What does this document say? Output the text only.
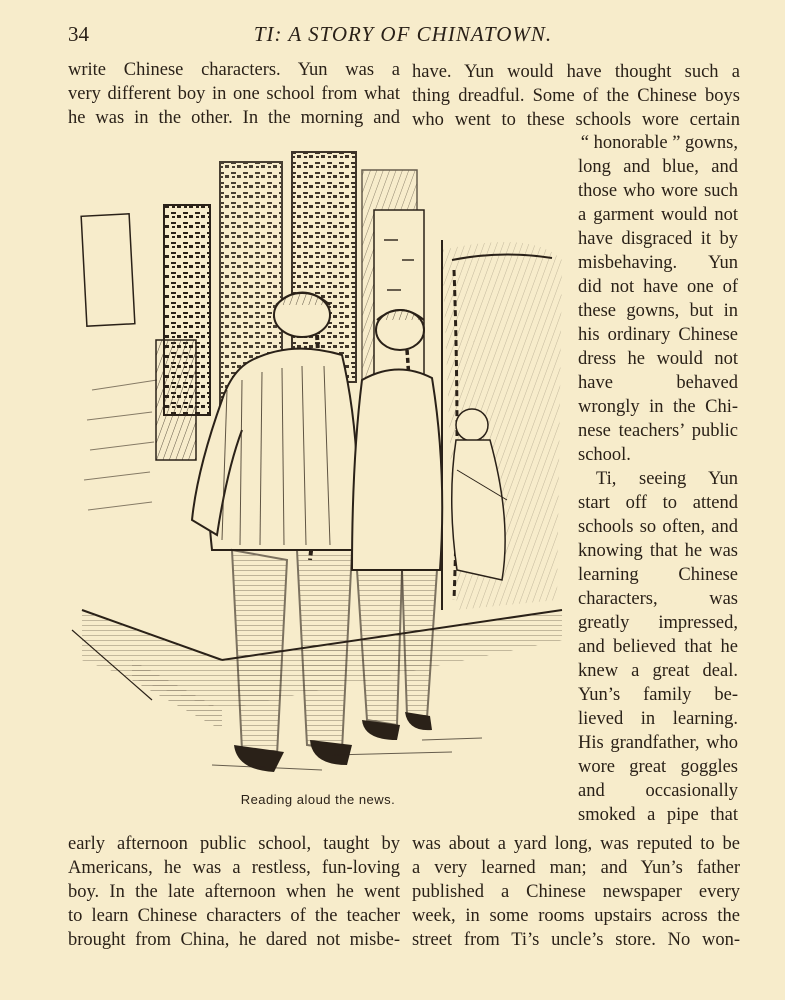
34	TI: A STORY OF CHINATOWN.
write Chinese characters. Yun was a
very different boy in one school from what
he was in the other. In the morning and
have. Yun would have thought such a
thing dreadful. Some of the Chinese boys
who went to these schools wore certain
Reading aloud the news.
“ honorable ” gowns,
long and blue, and
those who wore such
a garment would not
have disgraced it by
misbehaving. Yun
did not have one of
these gowns, but in
his ordinary Chinese
dress he would not
have behaved
wrongly in the Chi-
nese teachers’ public
school.
Ti, seeing Yun
start off to attend
schools so often, and
knowing that he was
learning Chinese
characters, was
greatly impressed,
and believed that he
knew a great deal.
Yun’s family be-
lieved in learning.
His grandfather, who
wore great goggles
and occasionally
smoked a pipe that
early afternoon public school, taught by
Americans, he was a restless, fun-loving
boy. In the late afternoon when he went
to learn Chinese characters of the teacher
brought from China, he dared not misbe-
was about a yard long, was reputed to be
a very learned man; and Yun’s father
published a Chinese newspaper every
week, in some rooms upstairs across the
street from Ti’s uncle’s store. No won-
